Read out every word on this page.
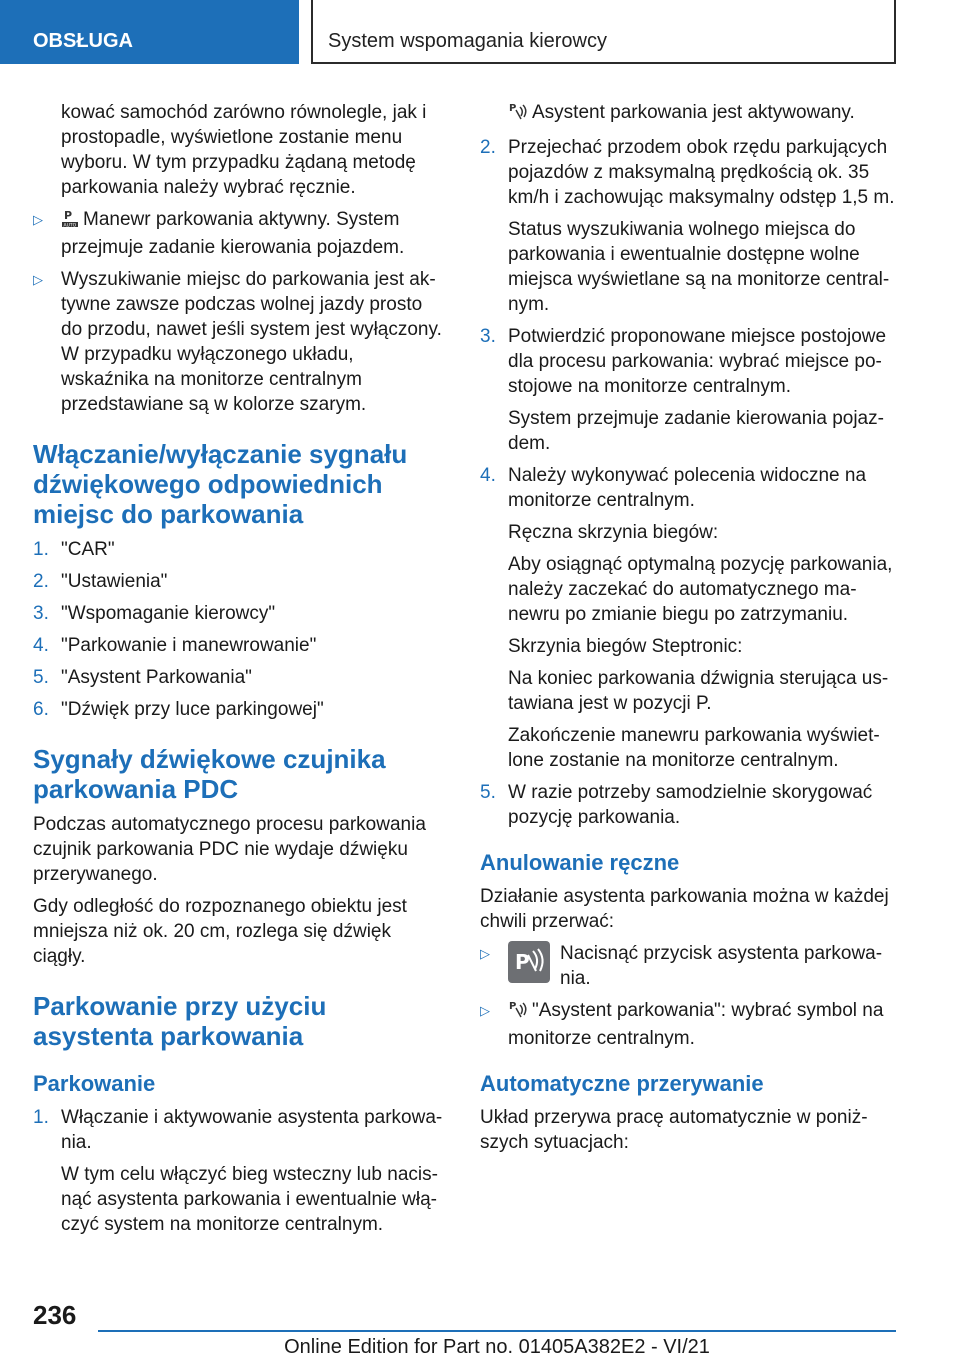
OBSŁUGA	System wspomagania kierowcy

kować samochód zarówno równolegle, jak i prostopadle, wyświetlone zostanie menu wyboru. W tym przypadku żądaną metodę parkowania należy wybrać ręcznie.

▷ P
AUTO Manewr parkowania aktywny. System przejmuje zadanie kierowania pojazdem.
▷ Wyszukiwanie miejsc do parkowania jest aktywne zawsze podczas wolnej jazdy prosto do przodu, nawet jeśli system jest wyłączony. W przypadku wyłączonego układu, wskaźnika na monitorze centralnym przedstawiane są w kolorze szarym.
Włączanie/wyłączanie sygnału dźwiękowego odpowiednich miejsc do parkowania
1. "CAR"
2. "Ustawienia"
3. "Wspomaganie kierowcy"
4. "Parkowanie i manewrowanie"
5. "Asystent Parkowania"
6. "Dźwięk przy luce parkingowej"
Sygnały dźwiękowe czujnika parkowania PDC

Podczas automatycznego procesu parkowania czujnik parkowania PDC nie wydaje dźwięku przerywanego.

Gdy odległość do rozpoznanego obiektu jest mniejsza niż ok. 20 cm, rozlega się dźwięk ciągły.

Parkowanie przy użyciu asystenta parkowania
Parkowanie
1. Włączanie i aktywowanie asystenta parkowania.

W tym celu włączyć bieg wsteczny lub nacisnąć asystenta parkowania i ewentualnie włączyć system na monitorze centralnym.

P Asystent parkowania jest aktywowany.

2. Przejechać przodem obok rzędu parkujących pojazdów z maksymalną prędkością ok. 35 km/h i zachowując maksymalny odstęp 1,5 m.

Status wyszukiwania wolnego miejsca do parkowania i ewentualnie dostępne wolne miejsca wyświetlane są na monitorze centralnym.

3. Potwierdzić proponowane miejsce postojowe dla procesu parkowania: wybrać miejsce postojowe na monitorze centralnym.

System przejmuje zadanie kierowania pojazdem.

4. Należy wykonywać polecenia widoczne na monitorze centralnym.

Ręczna skrzynia biegów:

Aby osiągnąć optymalną pozycję parkowania, należy zaczekać do automatycznego manewru po zmianie biegu po zatrzymaniu.

Skrzynia biegów Steptronic:

Na koniec parkowania dźwignia sterująca ustawiana jest w pozycji P.

Zakończenie manewru parkowania wyświetlone zostanie na monitorze centralnym.

5. W razie potrzeby samodzielnie skorygować pozycję parkowania.

Anulowanie ręczne

Działanie asystenta parkowania można w każdej chwili przerwać:

▷ P	Nacisnąć przycisk asystenta parkowania.
▷ P "Asystent parkowania": wybrać symbol na monitorze centralnym.
Automatyczne przerywanie

Układ przerywa pracę automatycznie w poniższych sytuacjach:

236
Online Edition for Part no. 01405A382E2 - VI/21
